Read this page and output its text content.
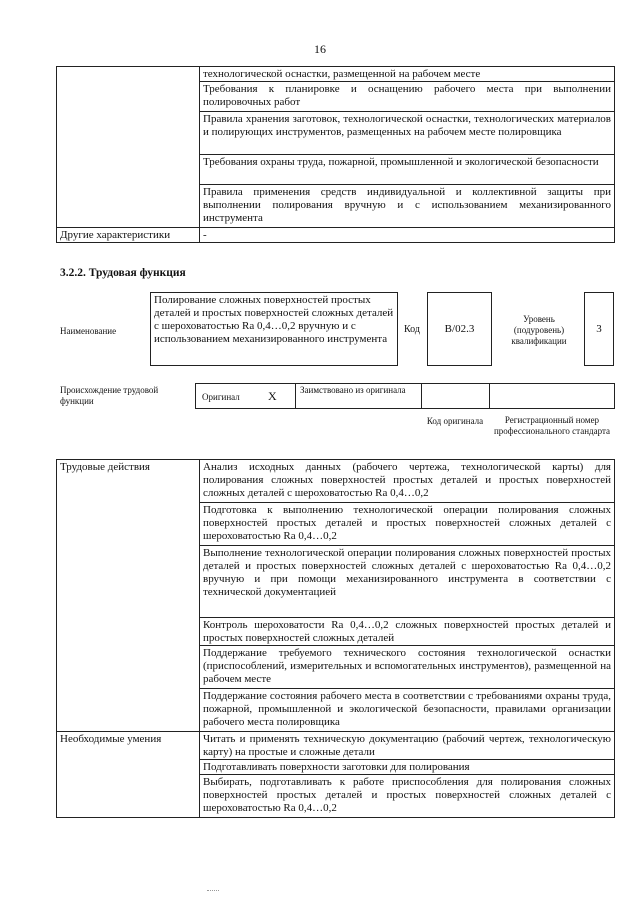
16
	технологической оснастки, размещенной на рабочем месте
	Требования к планировке и оснащению рабочего места при выполнении полировочных работ
	Правила хранения заготовок, технологической оснастки, технологических материалов и полирующих инструментов, размещенных на рабочем месте полировщика
	Требования охраны труда, пожарной, промышленной и экологической безопасности
	Правила применения средств индивидуальной и коллективной защиты при выполнении полирования вручную и с использованием механизированного инструмента
Другие характеристики	-
3.2.2. Трудовая функция
Наименование
Полирование сложных поверхностей простых деталей и простых поверхностей сложных деталей с шероховатостью Ra 0,4…0,2 вручную и с использованием механизированного инструмента
Код B/02.3
Уровень (подуровень) квалификации
3
Происхождение трудовой функции	Оригинал X	Заимствовано из оригинала
Код оригинала	Регистрационный номер профессионального стандарта
Трудовые действия	Анализ исходных данных (рабочего чертежа, технологической карты) для полирования сложных поверхностей простых деталей и простых поверхностей сложных деталей с шероховатостью Ra 0,4…0,2
	Подготовка к выполнению технологической операции полирования сложных поверхностей простых деталей и простых поверхностей сложных деталей с шероховатостью Ra 0,4…0,2
	Выполнение технологической операции полирования сложных поверхностей простых деталей и простых поверхностей сложных деталей с шероховатостью Ra 0,4…0,2 вручную и при помощи механизированного инструмента в соответствии с технической документацией
	Контроль шероховатости Ra 0,4…0,2 сложных поверхностей простых деталей и простых поверхностей сложных деталей
	Поддержание требуемого технического состояния технологической оснастки (приспособлений, измерительных и вспомогательных инструментов), размещенной на рабочем месте
	Поддержание состояния рабочего места в соответствии с требованиями охраны труда, пожарной, промышленной и экологической безопасности, правилами организации рабочего места полировщика
Необходимые умения	Читать и применять техническую документацию (рабочий чертеж, технологическую карту) на простые и сложные детали
	Подготавливать поверхности заготовки для полирования
	Выбирать, подготавливать к работе приспособления для полирования сложных поверхностей простых деталей и простых поверхностей сложных деталей с шероховатостью Ra 0,4…0,2
